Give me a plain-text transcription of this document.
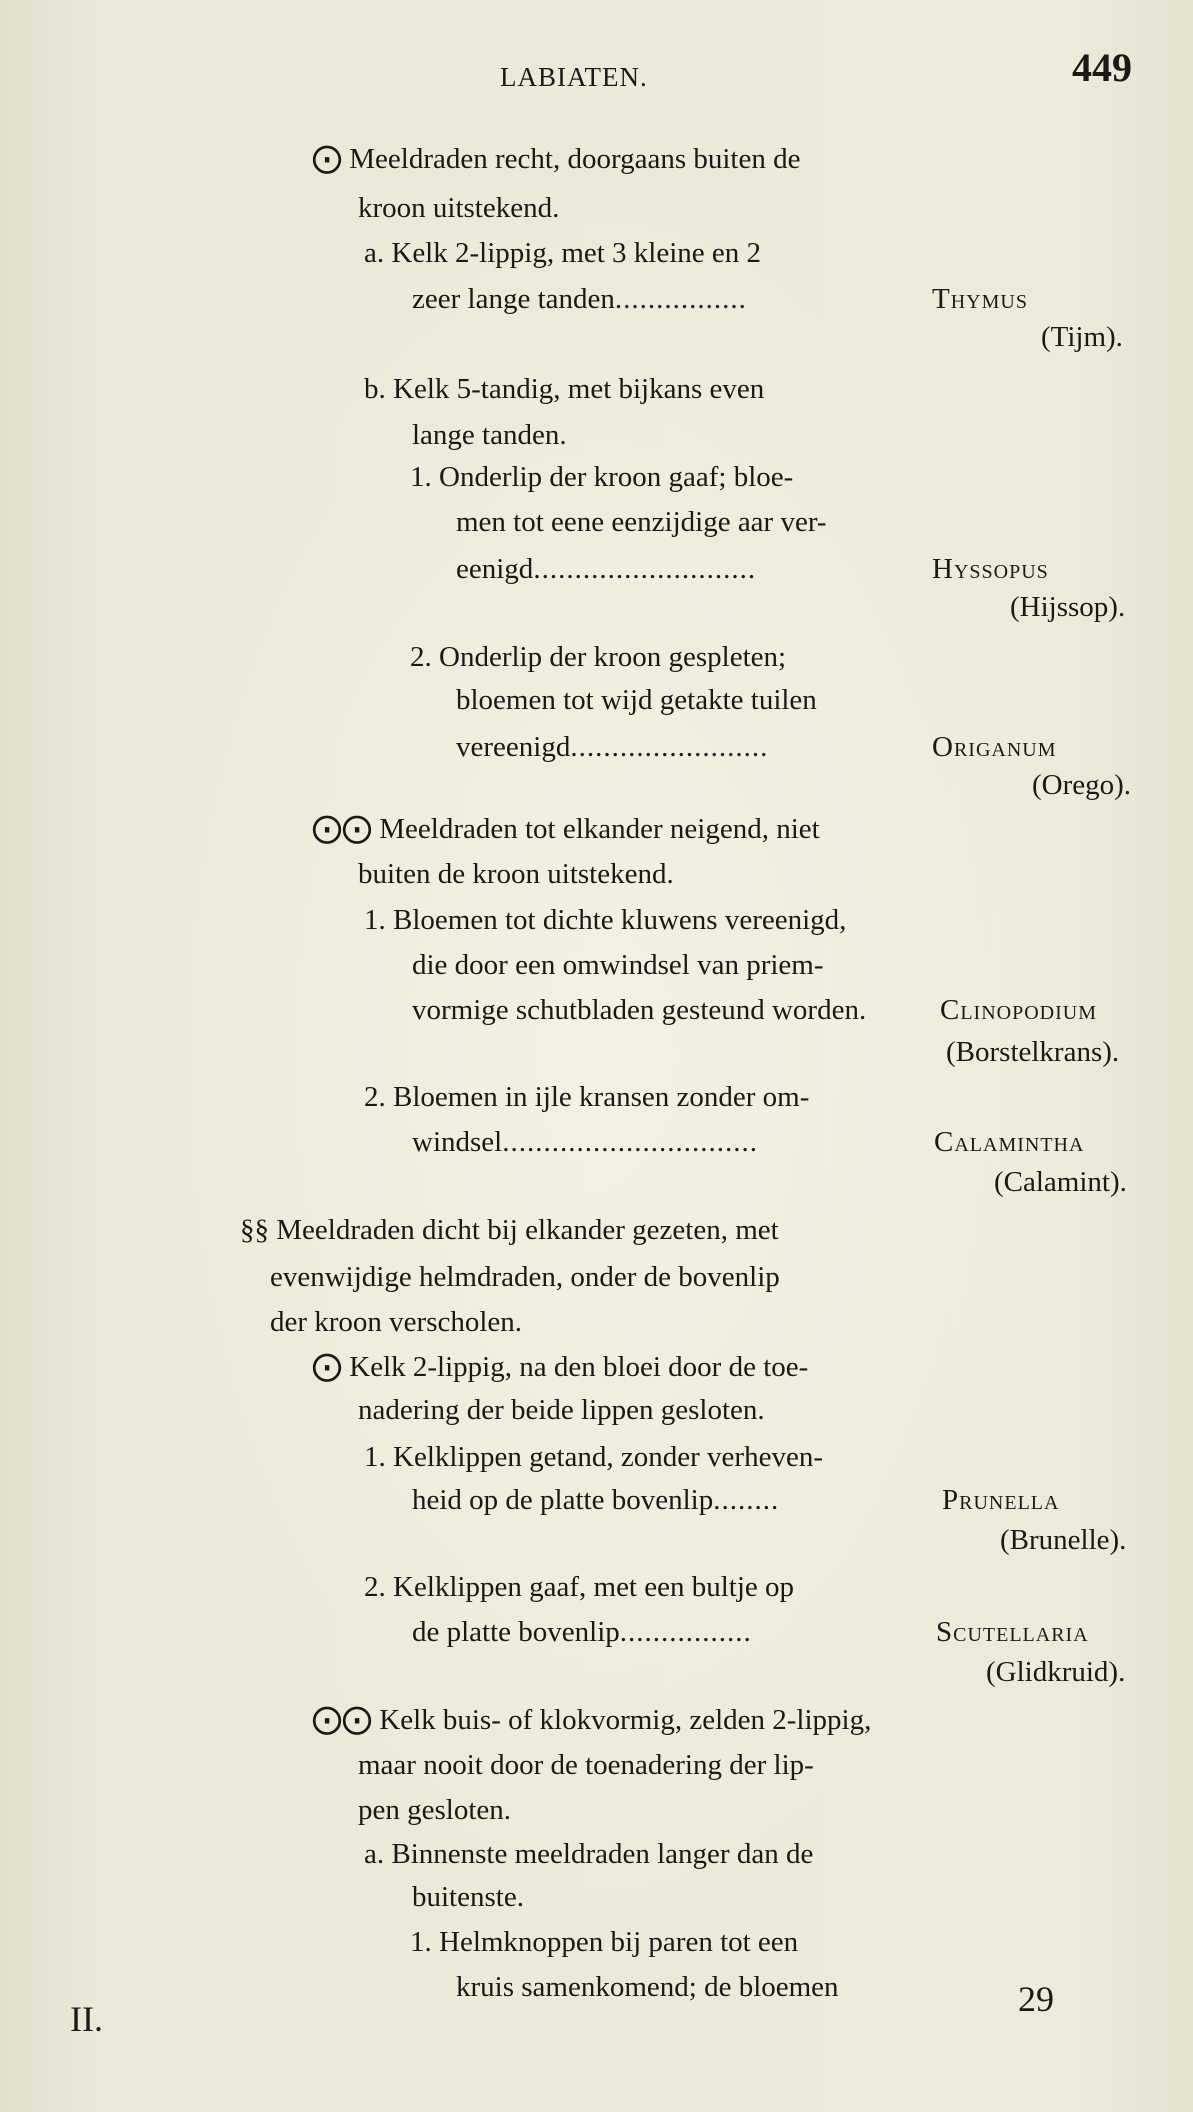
LABIATEN.	449
⨀ Meeldraden recht, doorgaans buiten de
kroon uitstekend.
a. Kelk 2-lippig, met 3 kleine en 2
zeer lange tanden................
b. Kelk 5-tandig, met bijkans even
lange tanden.
1. Onderlip der kroon gaaf; bloe-
men tot eene eenzijdige aar ver-
eenigd...........................
2. Onderlip der kroon gespleten;
bloemen tot wijd getakte tuilen
vereenigd........................
⨀⨀ Meeldraden tot elkander neigend, niet
buiten de kroon uitstekend.
1. Bloemen tot dichte kluwens vereenigd,
die door een omwindsel van priem-
vormige schutbladen gesteund worden.
2. Bloemen in ijle kransen zonder om-
windsel...............................
§§ Meeldraden dicht bij elkander gezeten, met
evenwijdige helmdraden, onder de bovenlip
der kroon verscholen.
⨀ Kelk 2-lippig, na den bloei door de toe-
nadering der beide lippen gesloten.
1. Kelklippen getand, zonder verheven-
heid op de platte bovenlip........
2. Kelklippen gaaf, met een bultje op
de platte bovenlip................
⨀⨀ Kelk buis- of klokvormig, zelden 2-lippig,
maar nooit door de toenadering der lip-
pen gesloten.
a. Binnenste meeldraden langer dan de
buitenste.
1. Helmknoppen bij paren tot een
kruis samenkomend; de bloemen
Thymus
(Tijm).
Hyssopus
(Hijssop).
Origanum
(Orego).
Clinopodium
(Borstelkrans).
Calamintha
(Calamint).
Prunella
(Brunelle).
Scutellaria
(Glidkruid).
II.	29
